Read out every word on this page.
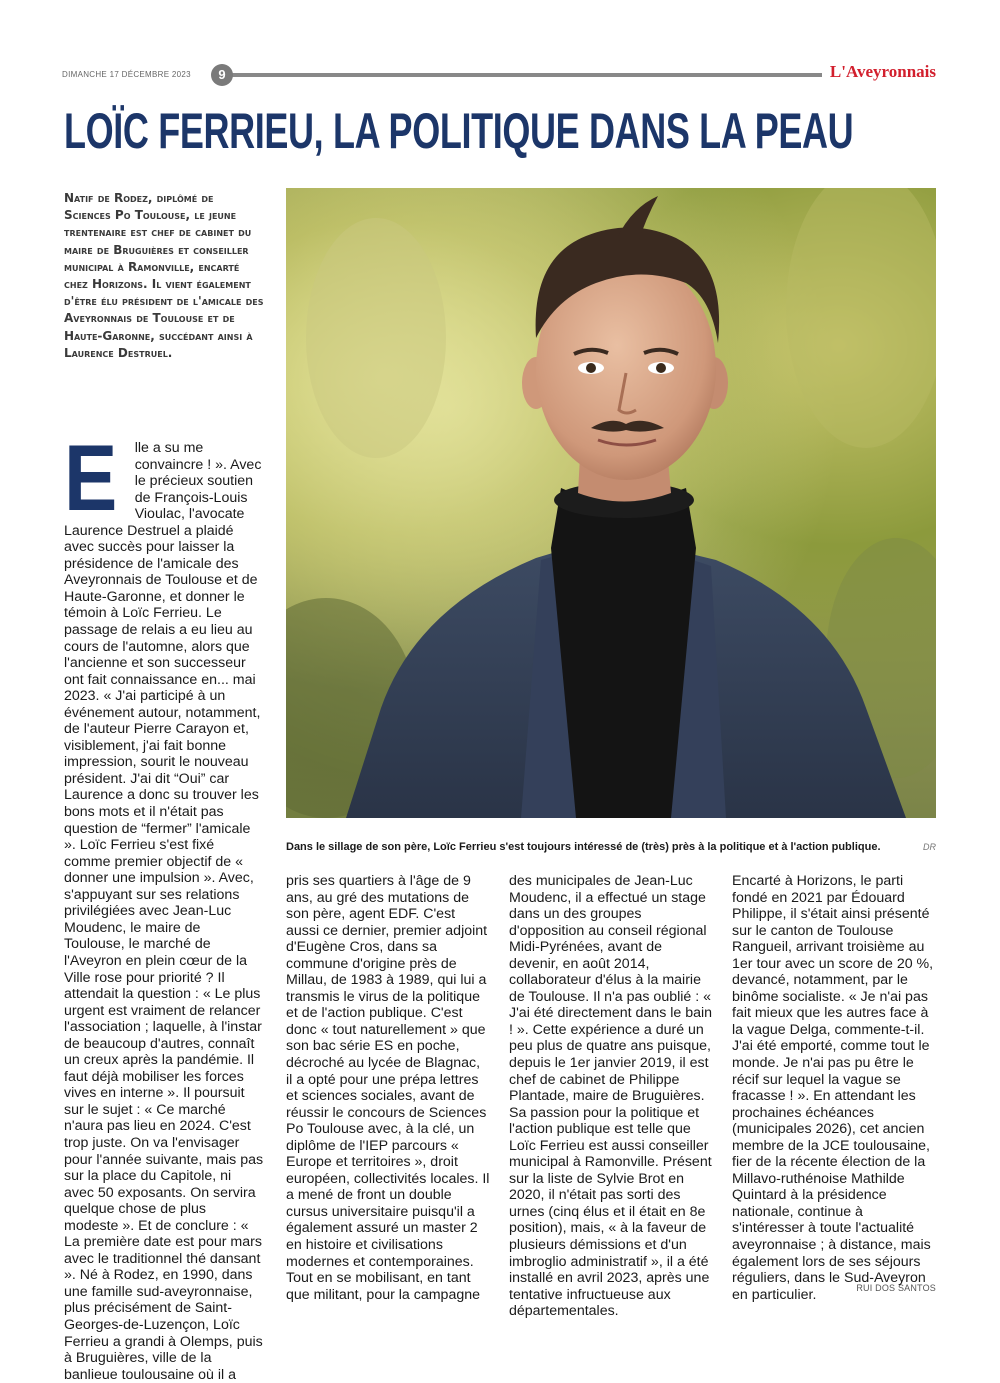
DIMANCHE 17 DÉCEMBRE 2023	9	L'Aveyronnais
LOÏC FERRIEU, LA POLITIQUE DANS LA PEAU
Natif de Rodez, diplômé de Sciences Po Toulouse, le jeune trentenaire est chef de cabinet du maire de Bruguières et conseiller municipal à Ramonville, encarté chez Horizons. Il vient également d'être élu président de l'amicale des Aveyronnais de Toulouse et de Haute-Garonne, succédant ainsi à Laurence Destruel.
Dans le sillage de son père, Loïc Ferrieu s'est toujours intéressé de (très) près à la politique et à l'action publique.	DR
E	lle a su me convaincre ! ». Avec le précieux soutien de François-Louis Vioulac, l'avocate Laurence Destruel a plaidé avec succès pour laisser la présidence de l'amicale des Aveyronnais de Toulouse et de Haute-Garonne, et donner le témoin à Loïc Ferrieu. Le passage de relais a eu lieu au cours de l'automne, alors que l'ancienne et son successeur ont fait connaissance en... mai 2023. « J'ai participé à un événement autour, notamment, de l'auteur Pierre Carayon et, visiblement, j'ai fait bonne impression, sourit le nouveau président. J'ai dit “Oui” car Laurence a donc su trouver les bons mots et il n'était pas question de “fermer” l'amicale ». Loïc Ferrieu s'est fixé comme premier objectif de « donner une impulsion ». Avec, s'appuyant sur ses relations privilégiées avec Jean-Luc Moudenc, le maire de Toulouse, le marché de l'Aveyron en plein cœur de la Ville rose pour priorité ? Il attendait la question : « Le plus urgent est vraiment de relancer l'association ; laquelle, à l'instar de beaucoup d'autres, connaît un creux après la pandémie. Il faut déjà mobiliser les forces vives en interne ». Il poursuit sur le sujet : « Ce marché n'aura pas lieu en 2024. C'est trop juste. On va l'envisager pour l'année suivante, mais pas sur la place du Capitole, ni avec 50 exposants. On servira quelque chose de plus modeste ». Et de conclure : « La première date est pour mars avec le traditionnel thé dansant ». Né à Rodez, en 1990, dans une famille sud-aveyronnaise, plus précisément de Saint-Georges-de-Luzençon, Loïc Ferrieu a grandi à Olemps, puis à Bruguières, ville de la banlieue toulousaine où il a

pris ses quartiers à l'âge de 9 ans, au gré des mutations de son père, agent EDF. C'est aussi ce dernier, premier adjoint d'Eugène Cros, dans sa commune d'origine près de Millau, de 1983 à 1989, qui lui a transmis le virus de la politique et de l'action publique. C'est donc « tout naturellement » que son bac série ES en poche, décroché au lycée de Blagnac, il a opté pour une prépa lettres et sciences sociales, avant de réussir le concours de Sciences Po Toulouse avec, à la clé, un diplôme de l'IEP parcours « Europe et territoires », droit européen, collectivités locales. Il a mené de front un double cursus universitaire puisqu'il a également assuré un master 2 en histoire et civilisations modernes et contemporaines. Tout en se mobilisant, en tant que militant, pour la campagne

des municipales de Jean-Luc Moudenc, il a effectué un stage dans un des groupes d'opposition au conseil régional Midi-Pyrénées, avant de devenir, en août 2014, collaborateur d'élus à la mairie de Toulouse. Il n'a pas oublié : « J'ai été directement dans le bain ! ». Cette expérience a duré un peu plus de quatre ans puisque, depuis le 1er janvier 2019, il est chef de cabinet de Philippe Plantade, maire de Bruguières. Sa passion pour la politique et l'action publique est telle que Loïc Ferrieu est aussi conseiller municipal à Ramonville. Présent sur la liste de Sylvie Brot en 2020, il n'était pas sorti des urnes (cinq élus et il était en 8e position), mais, « à la faveur de plusieurs démissions et d'un imbroglio administratif », il a été installé en avril 2023, après une tentative infructueuse aux départementales.

Encarté à Horizons, le parti fondé en 2021 par Édouard Philippe, il s'était ainsi présenté sur le canton de Toulouse Rangueil, arrivant troisième au 1er tour avec un score de 20 %, devancé, notamment, par le binôme socialiste. « Je n'ai pas fait mieux que les autres face à la vague Delga, commente-t-il. J'ai été emporté, comme tout le monde. Je n'ai pas pu être le récif sur lequel la vague se fracasse ! ». En attendant les prochaines échéances (municipales 2026), cet ancien membre de la JCE toulousaine, fier de la récente élection de la Millavo-ruthénoise Mathilde Quintard à la présidence nationale, continue à s'intéresser à toute l'actualité aveyronnaise ; à distance, mais également lors de ses séjours réguliers, dans le Sud-Aveyron en particulier.	RUI DOS SANTOS
